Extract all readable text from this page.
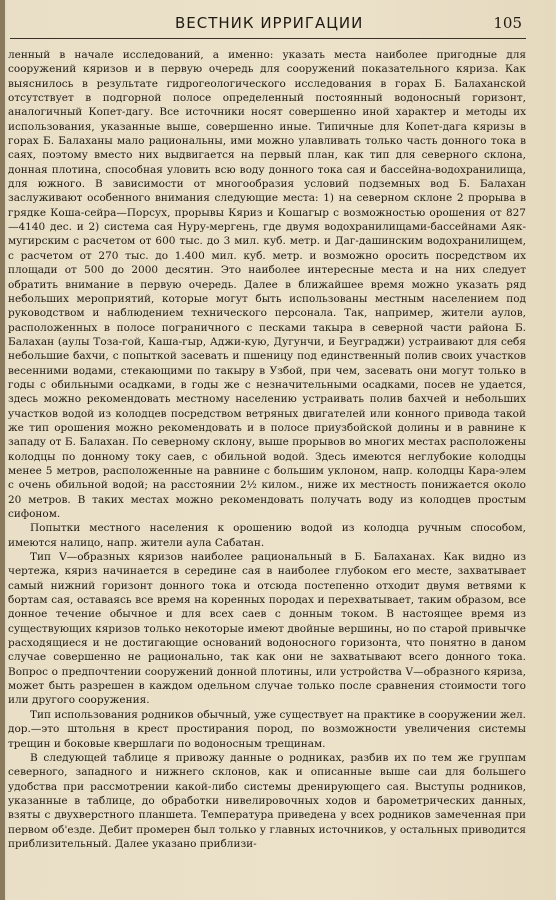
ВЕСТНИК ИРРИГАЦИИ	105

ленный в начале исследований, а именно: указать места наиболее пригодные для сооружений кяризов и в первую очередь для сооружений показательного кяриза. Как выяснилось в результате гидрогеологического исследования в горах Б. Балаханской отсутствует в подгорной полосе определенный постоянный водоносный горизонт, аналогичный Копет-дагу. Все источники носят совершенно иной характер и методы их использования, указанные выше, совершенно иные. Типичные для Копет-дага кяризы в горах Б. Балаханы мало рациональны, ими можно улавливать только часть донного тока в саях, поэтому вместо них выдвигается на первый план, как тип для северного склона, донная плотина, способная уловить всю воду донного тока сая и бассейна-водохранилища, для южного. В зависимости от многообразия условий подземных вод Б. Балахан заслуживают особенного внимания следующие места: 1) на северном склоне 2 прорыва в грядке Коша-сейра—Порсух, прорывы Кяриз и Кошагыр с возможностью орошения от 827—4140 дес. и 2) система сая Нуру-мергень, где двумя водохранилищами-бассейнами Аяк-мугирским с расчетом от 600 тыс. до 3 мил. куб. метр. и Даг-дашинским водохранилищем, с расчетом от 270 тыс. до 1.400 мил. куб. метр. и возможно оросить посредством их площади от 500 до 2000 десятин. Это наиболее интересные места и на них следует обратить внимание в первую очередь. Далее в ближайшее время можно указать ряд небольших мероприятий, которые могут быть использованы местным населением под руководством и наблюдением технического персонала. Так, например, жители аулов, расположенных в полосе пограничного с песками такыра в северной части района Б. Балахан (аулы Тоза-гой, Каша-гыр, Аджи-кую, Дугунчи, и Беуграджи) устраивают для себя небольшие бахчи, с попыткой засевать и пшеницу под единственный полив своих участков весенними водами, стекающими по такыру в Узбой, при чем, засевать они могут только в годы с обильными осадками, в годы же с незначительными осадками, посев не удается, здесь можно рекомендовать местному населению устраивать полив бахчей и небольших участков водой из колодцев посредством ветряных двигателей или конного привода такой же тип орошения можно рекомендовать и в полосе приузбойской долины и в равнине к западу от Б. Балахан. По северному склону, выше прорывов во многих местах расположены колодцы по донному току саев, с обильной водой. Здесь имеются неглубокие колодцы менее 5 метров, расположенные на равнине с большим уклоном, напр. колодцы Кара-элем с очень обильной водой; на расстоянии 2½ килом., ниже их местность понижается около 20 метров. В таких местах можно рекомендовать получать воду из колодцев простым сифоном.

Попытки местного населения к орошению водой из колодца ручным способом, имеются налицо, напр. жители аула Сабатан.

Тип V—образных кяризов наиболее рациональный в Б. Балаханах. Как видно из чертежа, кяриз начинается в середине сая в наиболее глубоком его месте, захватывает самый нижний горизонт донного тока и отсюда постепенно отходит двумя ветвями к бортам сая, оставаясь все время на коренных породах и перехватывает, таким образом, все донное течение обычное и для всех саев с донным током. В настоящее время из существующих кяризов только некоторые имеют двойные вершины, но по старой привычке расходящиеся и не достигающие оснований водоносного горизонта, что понятно в даном случае совершенно не рационально, так как они не захватывают всего донного тока. Вопрос о предпочтении сооружений донной плотины, или устройства V—образного кяриза, может быть разрешен в каждом одельном случае только после сравнения стоимости того или другого сооружения.

Тип использования родников обычный, уже существует на практике в сооружении жел. дор.—это штольня в крест простирания пород, по возможности увеличения системы трещин и боковые квершлаги по водоносным трещинам.

В следующей таблице я привожу данные о родниках, разбив их по тем же группам северного, западного и нижнего склонов, как и описанные выше саи для большего удобства при рассмотрении какой-либо системы дренирующего сая. Выступы родников, указанные в таблице, до обработки нивелировочных ходов и барометрических данных, взяты с двухверстного планшета. Температура приведена у всех родников замеченная при первом об'езде. Дебит промерен был только у главных источников, у остальных приводится приблизительный. Далее указано приблизи-
